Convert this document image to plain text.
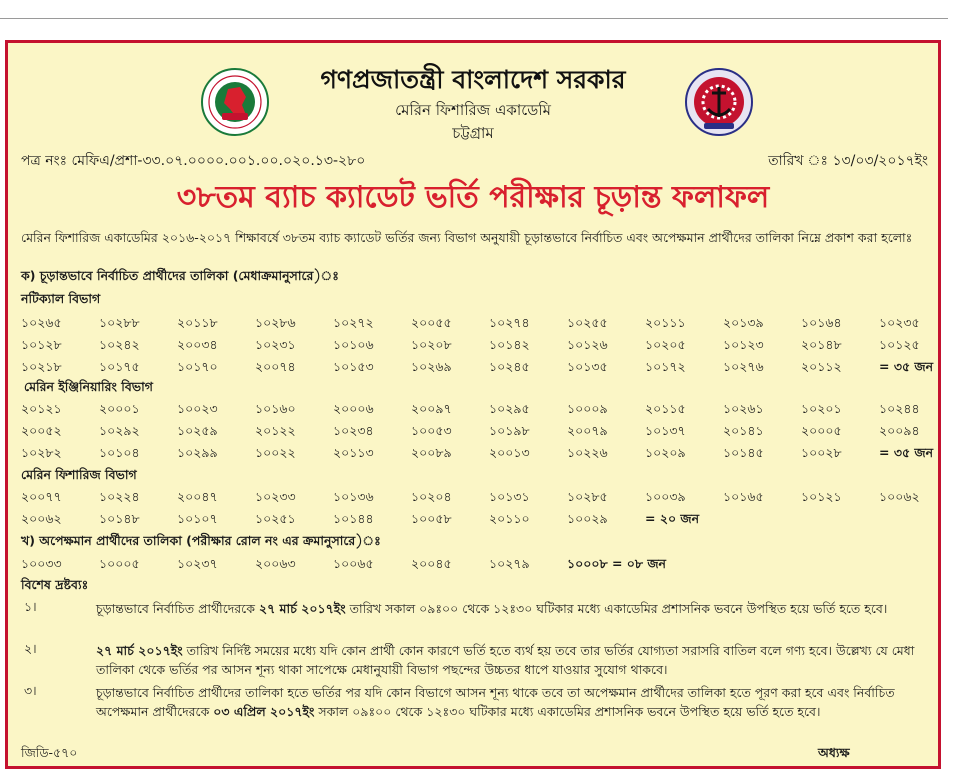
গণপ্রজাতন্ত্রী বাংলাদেশ সরকার
মেরিন ফিশারিজ একাডেমি
চট্টগ্রাম
পত্র নংঃ মেফিএ/প্রশা-৩৩.০৭.০০০০.০০১.০০.০২০.১৩-২৮০	তারিখ ঃ ১৩/০৩/২০১৭ইং
৩৮তম ব্যাচ ক্যাডেট ভর্তি পরীক্ষার চূড়ান্ত ফলাফল
মেরিন ফিশারিজ একাডেমির ২০১৬-২০১৭ শিক্ষাবর্ষে ৩৮তম ব্যাচ ক্যাডেট ভর্তির জন্য বিভাগ অনুযায়ী চূড়ান্তভাবে নির্বাচিত এবং অপেক্ষমান প্রার্থীদের তালিকা নিম্নে প্রকাশ করা হলোঃ
ক) চূড়ান্তভাবে নির্বাচিত প্রার্থীদের তালিকা (মেধাক্রমানুসারে)ঃ
নটিক্যাল বিভাগ
১০২৬৫	১০২৮৮	২০১১৮	১০২৮৬	১০২৭২	২০০৫৫	১০২৭৪	১০২৫৫	২০১১১	২০১৩৯	১০১৬৪	১০২৩৫
১০১২৮	১০২৪২	২০০৩৪	১০২৩১	১০১০৬	১০২০৮	১০১৪২	১০১২৬	১০২০৫	১০১২৩	২০১৪৮	১০১২৫
১০২১৮	১০১৭৫	১০১৭০	২০০৭৪	১০১৫৩	১০২৬৯	১০২৪৫	১০১৩৫	১০১৭২	১০২৭৬	২০১১২	= ৩৫ জন
মেরিন ইঞ্জিনিয়ারিং বিভাগ
২০১২১	২০০০১	১০০২৩	১০১৬০	২০০০৬	২০০৯৭	১০২৯৫	১০০০৯	২০১১৫	১০২৬১	১০২০১	১০২৪৪
২০০৫২	১০২৯২	১০২৫৯	২০১২২	১০২৩৪	১০০৫৩	১০১৯৮	২০০৭৯	১০১৩৭	২০১৪১	২০০০৫	২০০৯৪
১০২৮২	১০১০৪	১০২৯৯	১০০২২	২০১১৩	২০০৮৯	২০০১৩	১০২২৬	১০২০৯	১০১৪৫	১০০২৮	= ৩৫ জন
মেরিন ফিশারিজ বিভাগ
২০০৭৭	১০২২৪	২০০৪৭	১০২৩৩	১০১৩৬	১০২০৪	১০১৩১	১০২৮৫	১০০৩৯	১০১৬৫	১০১২১	১০০৬২
২০০৬২	১০১৪৮	১০১০৭	১০২৫১	১০১৪৪	১০০৫৮	২০১১০	১০০২৯	= ২০ জন
খ) অপেক্ষমান প্রার্থীদের তালিকা (পরীক্ষার রোল নং এর ক্রমানুসারে)ঃ
১০০৩৩	১০০০৫	১০২৩৭	২০০৬৩	১০০৬৫	২০০৪৫	১০২৭৯	১০০০৮ = ০৮ জন
বিশেষ দ্রষ্টব্যঃ
১।	চূড়ান্তভাবে নির্বাচিত প্রার্থীদেরকে ২৭ মার্চ ২০১৭ইং তারিখ সকাল ০৯ঃ০০ থেকে ১২ঃ৩০ ঘটিকার মধ্যে একাডেমির প্রশাসনিক ভবনে উপস্থিত হয়ে ভর্তি হতে হবে।
২।	২৭ মার্চ ২০১৭ইং তারিখ নির্দিষ্ট সময়ের মধ্যে যদি কোন প্রার্থী কোন কারণে ভর্তি হতে ব্যর্থ হয় তবে তার ভর্তির যোগ্যতা সরাসরি বাতিল বলে গণ্য হবে। উল্লেখ্য যে মেধা তালিকা থেকে ভর্তির পর আসন শূন্য থাকা সাপেক্ষে মেধানুযায়ী বিভাগ পছন্দের উচ্চতর ধাপে যাওয়ার সুযোগ থাকবে।
৩।	চূড়ান্তভাবে নির্বাচিত প্রার্থীদের তালিকা হতে ভর্তির পর যদি কোন বিভাগে আসন শূন্য থাকে তবে তা অপেক্ষমান প্রার্থীদের তালিকা হতে পূরণ করা হবে এবং নির্বাচিত অপেক্ষমান প্রার্থীদেরকে ০৩ এপ্রিল ২০১৭ইং সকাল ০৯ঃ০০ থেকে ১২ঃ৩০ ঘটিকার মধ্যে একাডেমির প্রশাসনিক ভবনে উপস্থিত হয়ে ভর্তি হতে হবে।
জিডি-৫৭০	অধ্যক্ষ
